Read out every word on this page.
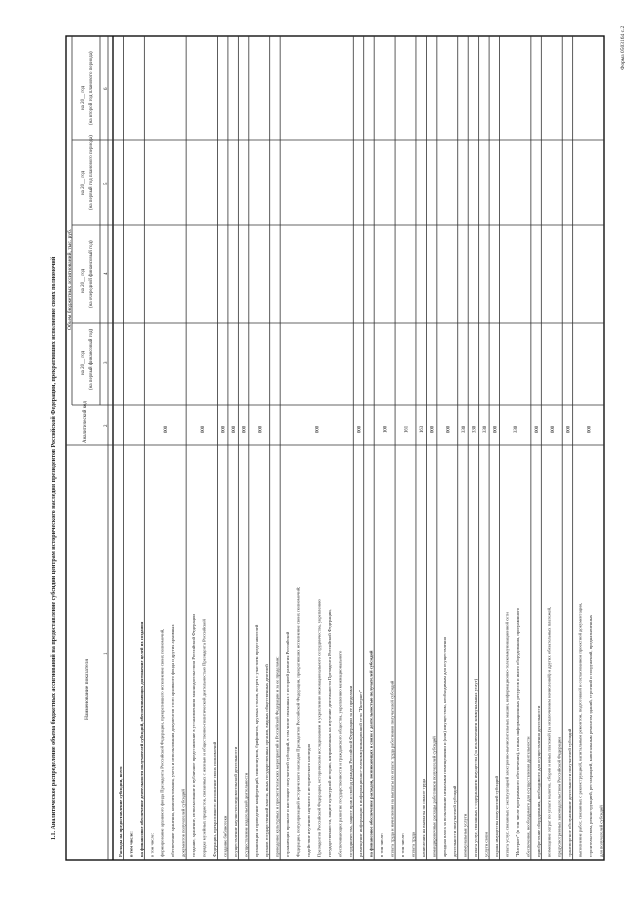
Форма 0503164 с.2
1.1. Аналитическое распределение объема бюджетных ассигнований на предоставление субсидии центрам исторического наследия президентов Российской Федерации, прекративших исполнение своих полномочий	Наименование показателя
Аналитический код
Объем бюджетных ассигнований, тыс. руб.
на 20__ год (на первый финансовый год)
на 20__ год (на очередной финансовый год)
на 20__ год (на первый год планового периода)
на 20__ год (на второй год планового периода)
1
2
3
4
5
6
Расходы на предоставление субсидии, всего в том числе: на финансовое обеспечение деятельности получателей субсидий, обеспечивающих достижение целей их создания в том числе: формирование архивного фонда Президента Российской Федерации, прекратившего исполнение своих полномочий, обеспечение хранения, комплектования, учета и использования документов этого архивного фонда и других архивных документов получателей субсидий
000
создание, хранение, использование и публичное представление в установленном законодательством Российской Федерации порядке музейных предметов, связанных с жизнью и общественно-политической деятельностью Президента Российской Федерации, прекратившего исполнение своих полномочий
000
создание библиотеки
000
осуществление научно-исследовательской деятельности
000
осуществление издательской деятельности
000
организация и проведение конференций, симпозиумов, брифингов, круглых столов, встреч с участием представителей органов государственной власти, иных государственных органов, видных общественных деятелей
000
проведение культурных и просветительских мероприятий в Российской Федерации и за ее пределами: отражающих прошлое и настоящее получателей субсидий, в том числе связанных с историей развития Российской Федерации, популяризацией исторического наследия Президентов Российской Федерации, прекративших исполнение своих полномочий; содействие изучению научного и исторического наследия Президентов Российской Федерации, историческим исследованиям и укреплению межнационального сотрудничества, укреплению государственности, защите культурной истории, направленных на изучение деятельности Президента Российской Федерации, обеспечивающих развитие государственности и гражданского общества, укреплению межнационального сотрудничества, защите прав и свобод граждан Российской Федерации за ее пределами
000
размещение информации в информационно-телекоммуникационной сети "Интернет"
000
на финансовое обеспечение расходов, возникающих в связи с деятельностью получателей субсидий в том числе: оплата труда и начисления на выплаты по оплате труда работников получателей субсидий
100
в том числе: оплата труда
161
начисления на выплаты по оплате труда
163
командировочные расходы работников получателей субсидий
000
арендная плата за пользование нежилыми помещениями и (или) имуществом, необходимым для осуществления деятельности получателей субсидий
000
коммунальные услуги
330
оплата услуг, связанных с содержанием имущества (за исключением коммунальных услуг)
330
услуги связи
330
охрана имущества получателей субсидий
000
оплата услуг, связанных с эксплуатацией электронно-вычислительных машин, информационно-телекоммуникационной сети "Интернет" (в том числе программного обеспечения), и иных информационных ресурсов и иного оборудования, программного обеспечения, необходимого для осуществления деятельности
330
приобретение оборудования, необходимого для осуществления деятельности
000
возмещение затрат по уплате налогов, сборов и иных платежей (за исключением начислений) и других обязательных платежей, предусмотренных законодательством Российской Федерации
000
транспортное обслуживание деятельности получателей субсидий
000
выполнение работ, связанных с реконструкцией, капитальным ремонтом, подготовкой и согласованием проектной документации, строительством, реконструкцией, реставрацией, капитальным ремонтом зданий, строений и сооружений, предназначенных для получателей субсидий
000
